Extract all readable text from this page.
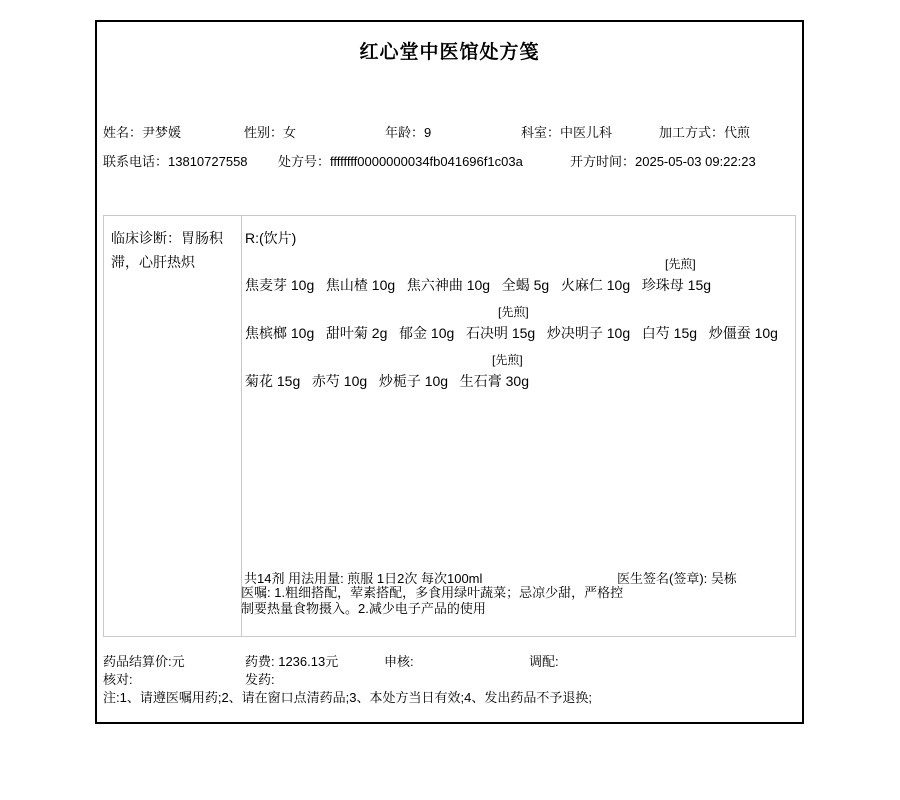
红心堂中医馆处方笺
姓名：尹梦媛	性别：女	年龄：9	科室：中医儿科	加工方式：代煎
联系电话：13810727558 处方号：ffffffff0000000034fb041696f1c03a	开方时间：2025-05-03 09:22:23
临床诊断：胃肠积滞，心肝热炽
R:(饮片)
[先煎]
焦麦芽 10g   焦山楂 10g   焦六神曲 10g   全蝎 5g   火麻仁 10g   珍珠母 15g
[先煎]
焦槟榔 10g   甜叶菊 2g   郁金 10g   石决明 15g   炒决明子 10g   白芍 15g   炒僵蚕 10g
[先煎]
菊花 15g   赤芍 10g   炒栀子 10g   生石膏 30g
共14剂 用法用量: 煎服 1日2次 每次100ml	医生签名(签章): 吴栋
医嘱: 1.粗细搭配，荤素搭配，多食用绿叶蔬菜；忌凉少甜，严格控制要热量食物摄入。2.减少电子产品的使用
药品结算价:元	药费: 1236.13元	申核:	调配:
核对:	发药:
注:1、请遵医嘱用药;2、请在窗口点清药品;3、本处方当日有效;4、发出药品不予退换;
